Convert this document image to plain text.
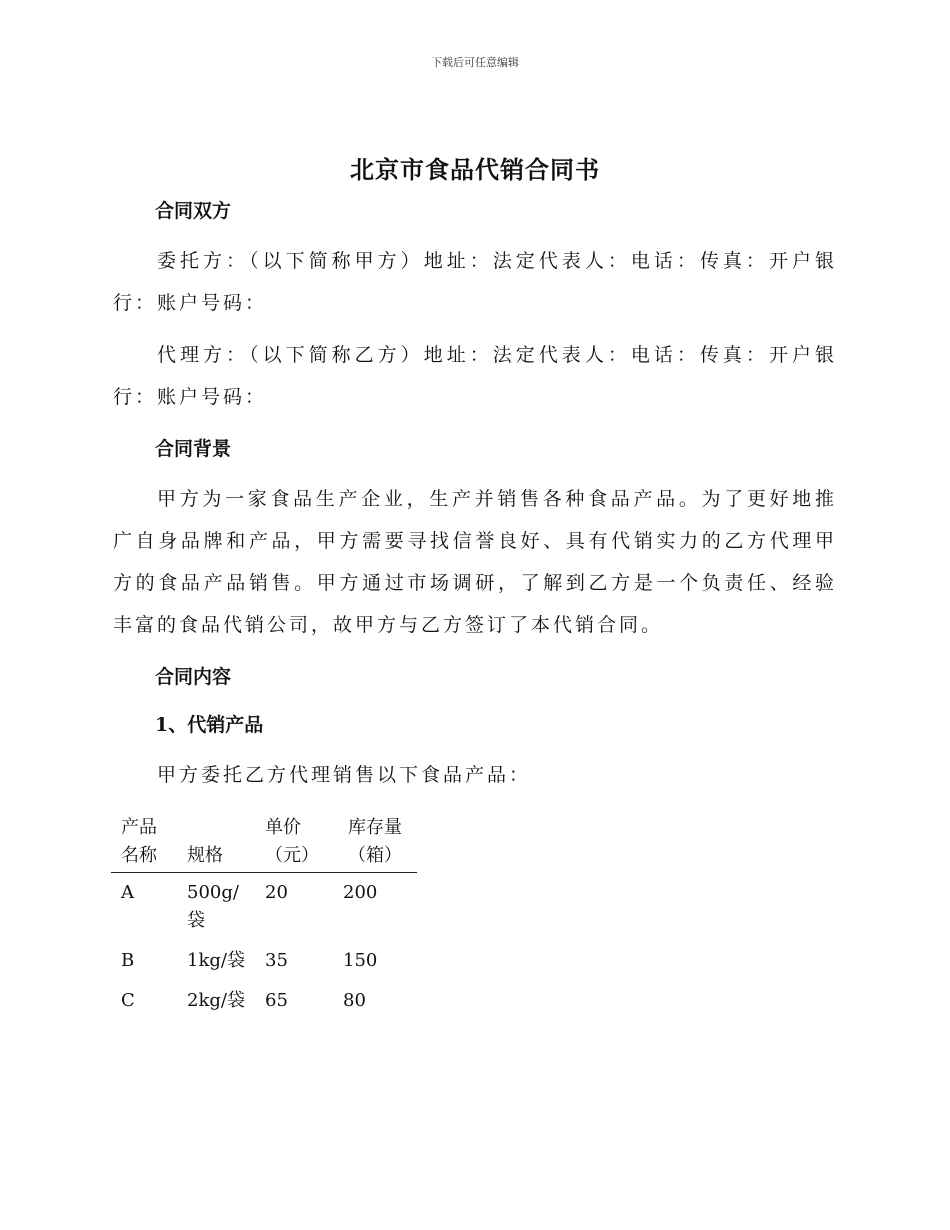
下载后可任意编辑
北京市食品代销合同书

合同双方

委托方：（以下简称甲方）地址：法定代表人：电话：传真：开户银行：账户号码：

代理方：（以下简称乙方）地址：法定代表人：电话：传真：开户银行：账户号码：

合同背景

甲方为一家食品生产企业，生产并销售各种食品产品。为了更好地推广自身品牌和产品，甲方需要寻找信誉良好、具有代销实力的乙方代理甲方的食品产品销售。甲方通过市场调研，了解到乙方是一个负责任、经验丰富的食品代销公司，故甲方与乙方签订了本代销合同。

合同内容

1、代销产品

甲方委托乙方代理销售以下食品产品：

产品名称	规格	单价（元）	库存量（箱）
A	500g/袋	20	200
B	1kg/袋	35	150
C	2kg/袋	65	80
